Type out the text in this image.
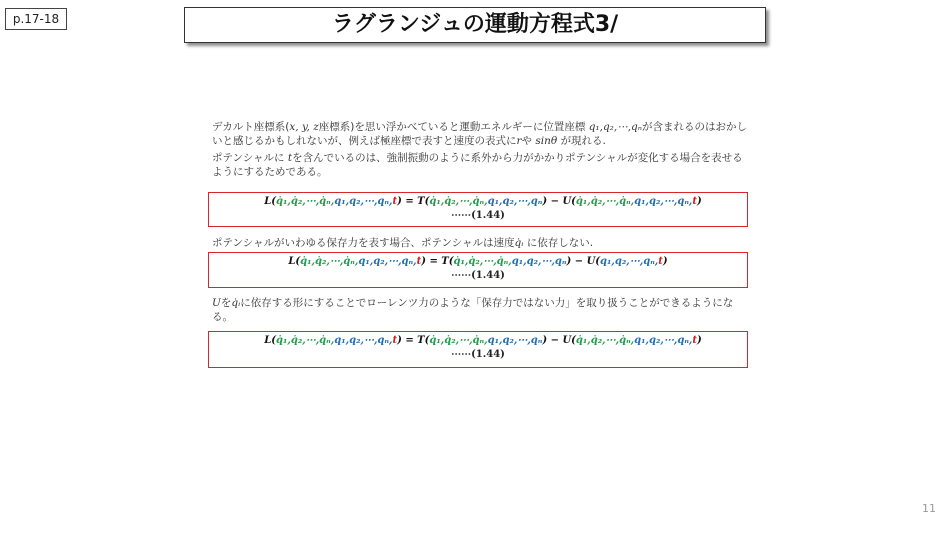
p.17-18	ラグランジュの運動方程式3/
デカルト座標系(x, y, z座標系)を思い浮かべていると運動エネルギーに位置座標 q₁,q₂,⋯,qₙが含まれるのはおかしいと感じるかもしれないが、例えば極座標で表すと速度の表式にrや sinθ が現れる.
ポテンシャルに tを含んでいるのは、強制振動のように系外から力がかかりポテンシャルが変化する場合を表せるようにするためである。
L(q̇₁,q̇₂,⋯,q̇ₙ,q₁,q₂,⋯,qₙ,t) = T(q̇₁,q̇₂,⋯,q̇ₙ,q₁,q₂,⋯,qₙ) − U(q̇₁,q̇₂,⋯,q̇ₙ,q₁,q₂,⋯,qₙ,t)
⋯⋯(1.44)
ポテンシャルがいわゆる保存力を表す場合、ポテンシャルは速度q̇ᵢ に依存しない.
L(q̇₁,q̇₂,⋯,q̇ₙ,q₁,q₂,⋯,qₙ,t) = T(q̇₁,q̇₂,⋯,q̇ₙ,q₁,q₂,⋯,qₙ) − U(q₁,q₂,⋯,qₙ,t)
⋯⋯(1.44)
Uをq̇ᵢに依存する形にすることでローレンツ力のような「保存力ではない力」を取り扱うことができるようになる。
L(q̇₁,q̇₂,⋯,q̇ₙ,q₁,q₂,⋯,qₙ,t) = T(q̇₁,q̇₂,⋯,q̇ₙ,q₁,q₂,⋯,qₙ) − U(q̇₁,q̇₂,⋯,q̇ₙ,q₁,q₂,⋯,qₙ,t)
⋯⋯(1.44)
11
